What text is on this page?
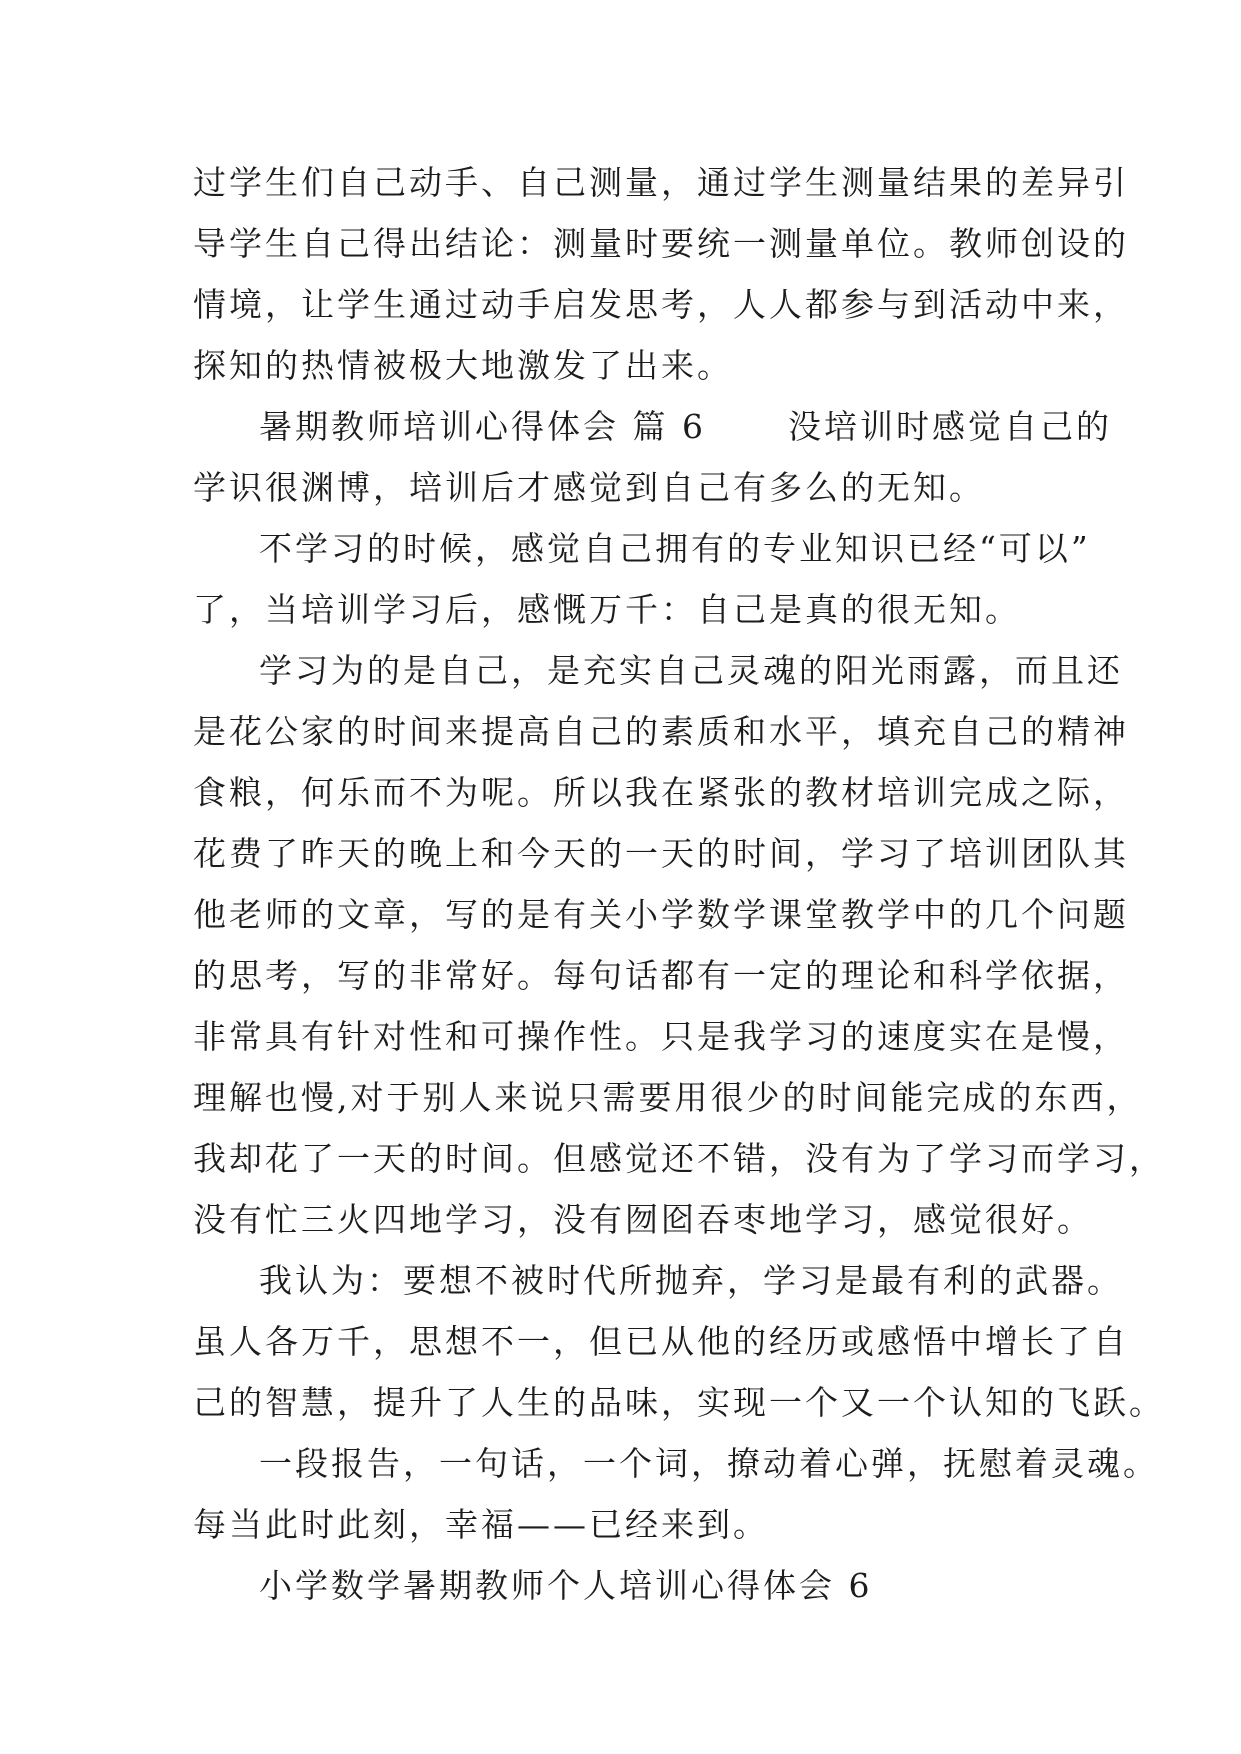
过学生们自己动手、自己测量，通过学生测量结果的差异引
导学生自己得出结论：测量时要统一测量单位。教师创设的
情境，让学生通过动手启发思考，人人都参与到活动中来，
探知的热情被极大地激发了出来。

暑期教师培训心得体会 篇 6 没培训时感觉自己的
学识很渊博，培训后才感觉到自己有多么的无知。

不学习的时候，感觉自己拥有的专业知识已经“可以”
了，当培训学习后，感慨万千：自己是真的很无知。

学习为的是自己，是充实自己灵魂的阳光雨露，而且还
是花公家的时间来提高自己的素质和水平，填充自己的精神
食粮，何乐而不为呢。所以我在紧张的教材培训完成之际，
花费了昨天的晚上和今天的一天的时间，学习了培训团队其
他老师的文章，写的是有关小学数学课堂教学中的几个问题
的思考，写的非常好。每句话都有一定的理论和科学依据，
非常具有针对性和可操作性。只是我学习的速度实在是慢，
理解也慢,对于别人来说只需要用很少的时间能完成的东西，
我却花了一天的时间。但感觉还不错，没有为了学习而学习，
没有忙三火四地学习，没有囫囵吞枣地学习，感觉很好。

我认为：要想不被时代所抛弃，学习是最有利的武器。
虽人各万千，思想不一，但已从他的经历或感悟中增长了自
己的智慧，提升了人生的品味，实现一个又一个认知的飞跃。

一段报告，一句话，一个词，撩动着心弹，抚慰着灵魂。
每当此时此刻，幸福——已经来到。

小学数学暑期教师个人培训心得体会 6
